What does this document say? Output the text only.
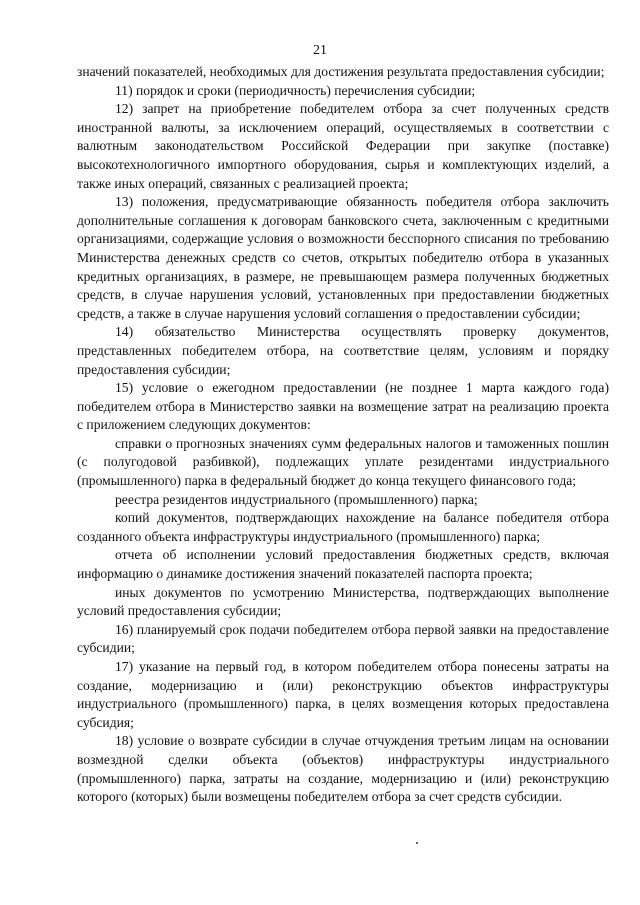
21

значений показателей, необходимых для достижения результата предоставления субсидии;

11) порядок и сроки (периодичность) перечисления субсидии;

12) запрет на приобретение победителем отбора за счет полученных средств иностранной валюты, за исключением операций, осуществляемых в соответствии с валютным законодательством Российской Федерации при закупке (поставке) высокотехнологичного импортного оборудования, сырья и комплектующих изделий, а также иных операций, связанных с реализацией проекта;

13) положения, предусматривающие обязанность победителя отбора заключить дополнительные соглашения к договорам банковского счета, заключенным с кредитными организациями, содержащие условия о возможности бесспорного списания по требованию Министерства денежных средств со счетов, открытых победителю отбора в указанных кредитных организациях, в размере, не превышающем размера полученных бюджетных средств, в случае нарушения условий, установленных при предоставлении бюджетных средств, а также в случае нарушения условий соглашения о предоставлении субсидии;

14) обязательство Министерства осуществлять проверку документов, представленных победителем отбора, на соответствие целям, условиям и порядку предоставления субсидии;

15) условие о ежегодном предоставлении (не позднее 1 марта каждого года) победителем отбора в Министерство заявки на возмещение затрат на реализацию проекта с приложением следующих документов:

справки о прогнозных значениях сумм федеральных налогов и таможенных пошлин (с полугодовой разбивкой), подлежащих уплате резидентами индустриального (промышленного) парка в федеральный бюджет до конца текущего финансового года;

реестра резидентов индустриального (промышленного) парка;

копий документов, подтверждающих нахождение на балансе победителя отбора созданного объекта инфраструктуры индустриального (промышленного) парка;

отчета об исполнении условий предоставления бюджетных средств, включая информацию о динамике достижения значений показателей паспорта проекта;

иных документов по усмотрению Министерства, подтверждающих выполнение условий предоставления субсидии;

16) планируемый срок подачи победителем отбора первой заявки на предоставление субсидии;

17) указание на первый год, в котором победителем отбора понесены затраты на создание, модернизацию и (или) реконструкцию объектов инфраструктуры индустриального (промышленного) парка, в целях возмещения которых предоставлена субсидия;

18) условие о возврате субсидии в случае отчуждения третьим лицам на основании возмездной сделки объекта (объектов) инфраструктуры индустриального (промышленного) парка, затраты на создание, модернизацию и (или) реконструкцию которого (которых) были возмещены победителем отбора за счет средств субсидии.
